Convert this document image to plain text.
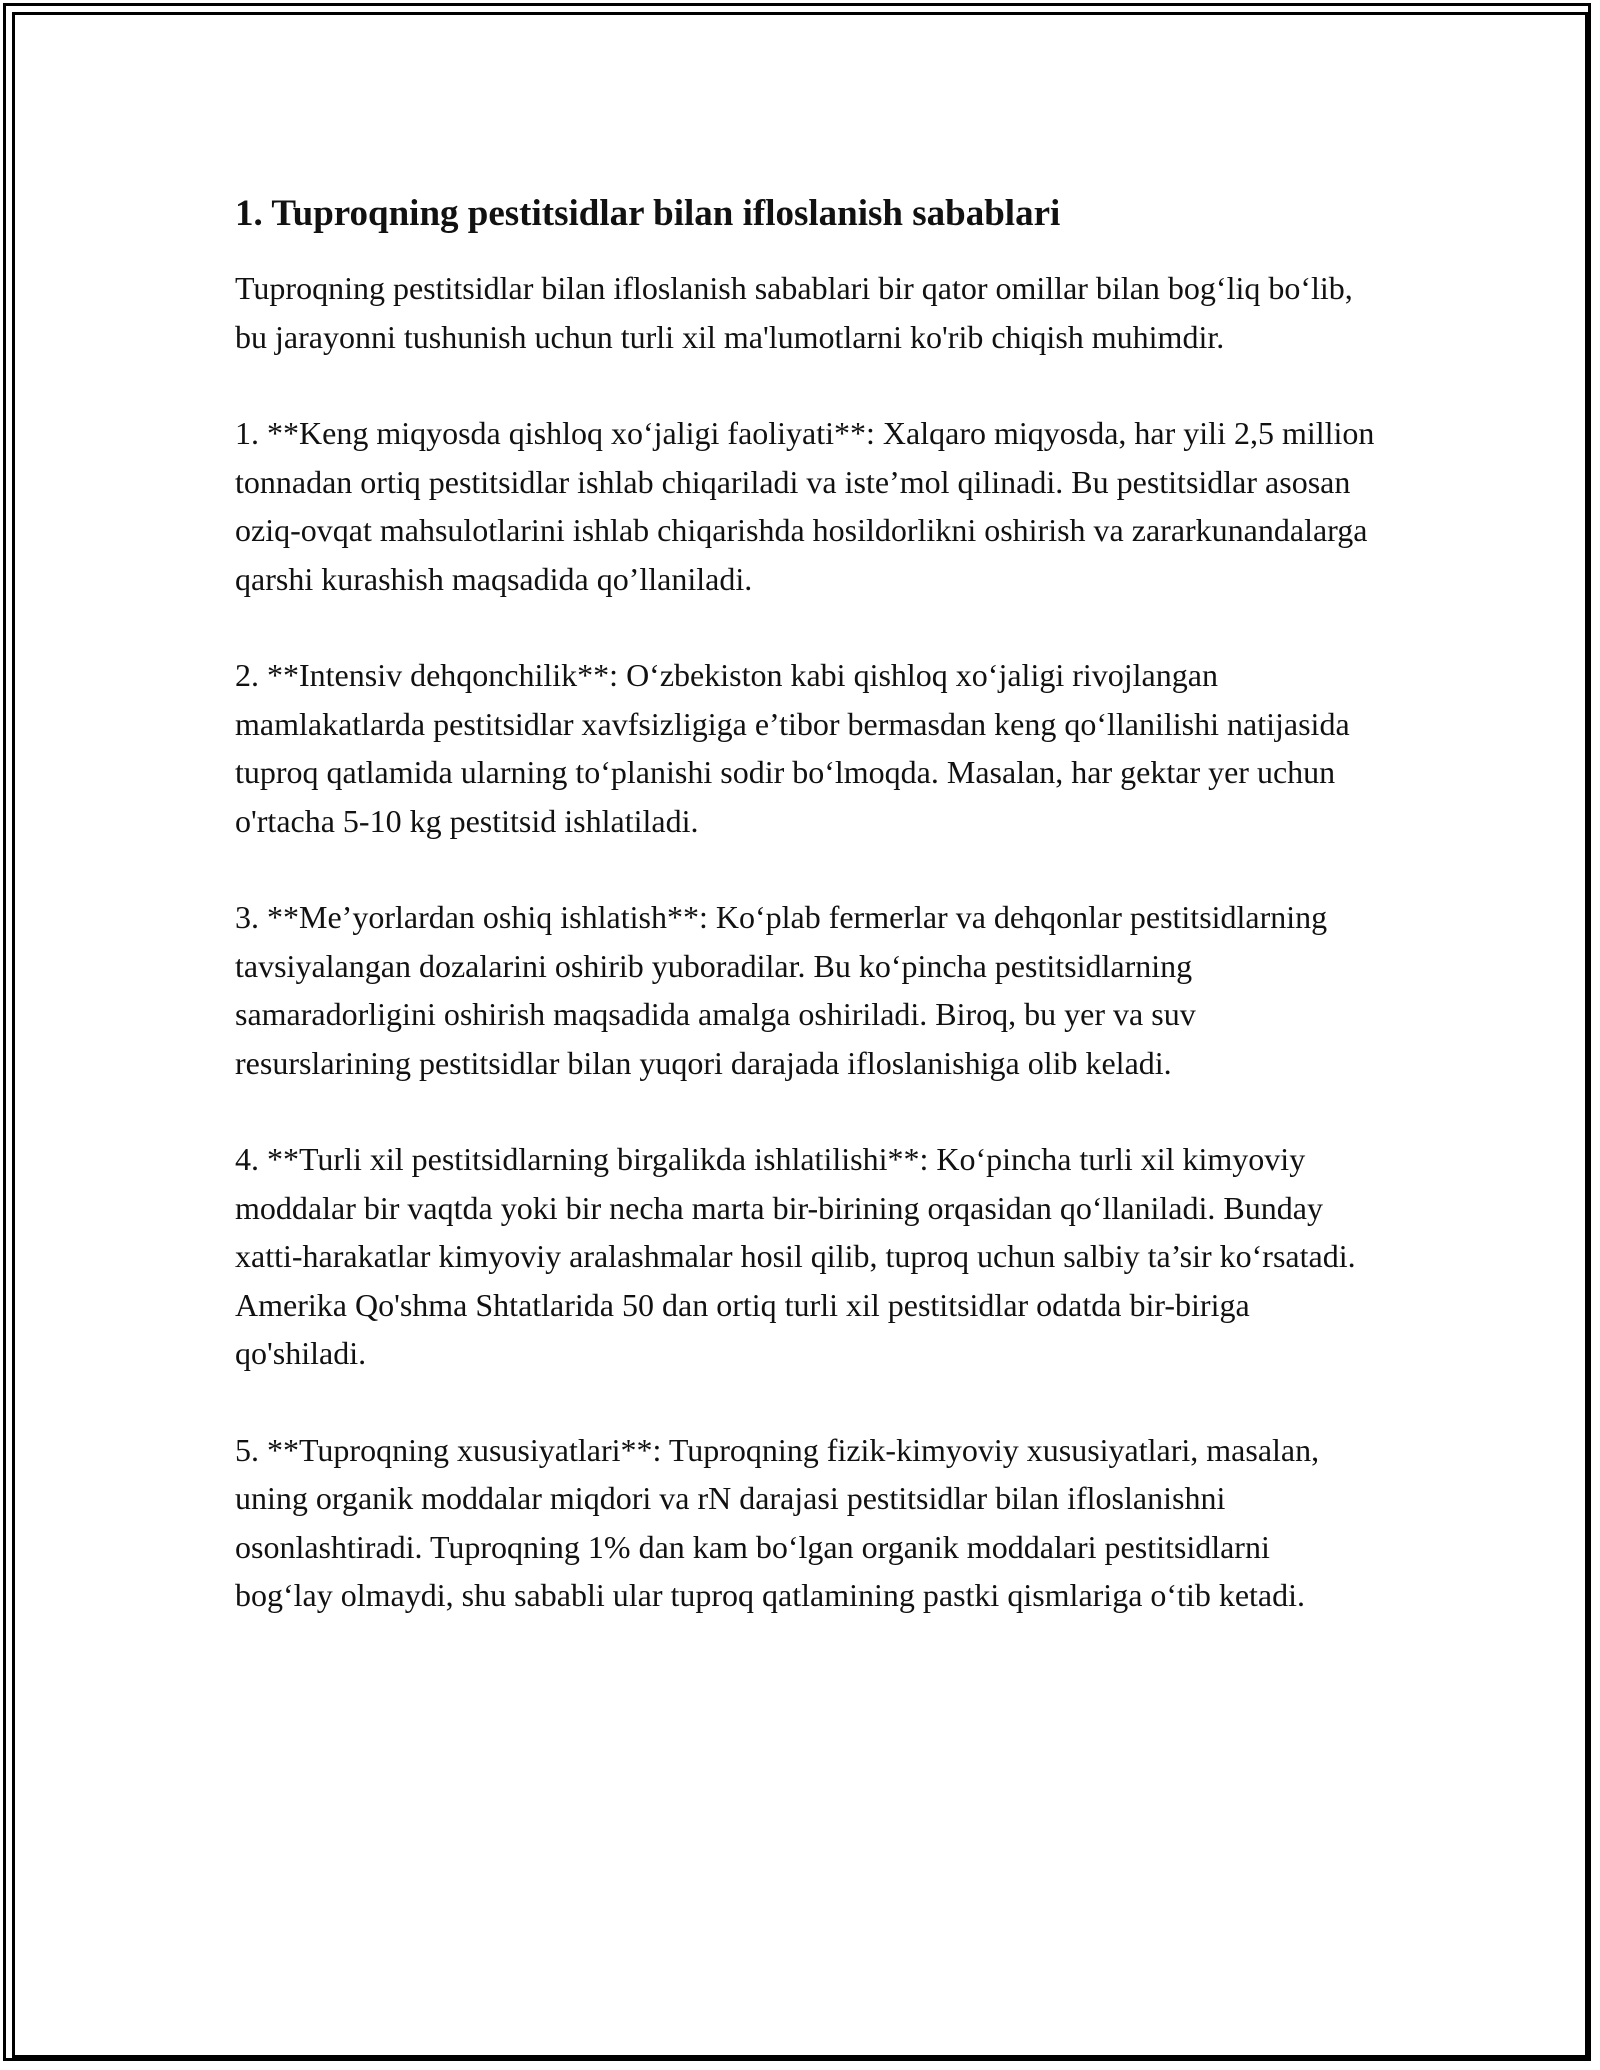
1. Tuproqning pestitsidlar bilan ifloslanish sabablari

Tuproqning pestitsidlar bilan ifloslanish sabablari bir qator omillar bilan bog‘liq bo‘lib, bu jarayonni tushunish uchun turli xil ma'lumotlarni ko'rib chiqish muhimdir.

1. **Keng miqyosda qishloq xo‘jaligi faoliyati**: Xalqaro miqyosda, har yili 2,5 million tonnadan ortiq pestitsidlar ishlab chiqariladi va iste’mol qilinadi. Bu pestitsidlar asosan oziq-ovqat mahsulotlarini ishlab chiqarishda hosildorlikni oshirish va zararkunandalarga qarshi kurashish maqsadida qo’llaniladi.

2. **Intensiv dehqonchilik**: O‘zbekiston kabi qishloq xo‘jaligi rivojlangan mamlakatlarda pestitsidlar xavfsizligiga e’tibor bermasdan keng qo‘llanilishi natijasida tuproq qatlamida ularning to‘planishi sodir bo‘lmoqda. Masalan, har gektar yer uchun o'rtacha 5-10 kg pestitsid ishlatiladi.

3. **Me’yorlardan oshiq ishlatish**: Ko‘plab fermerlar va dehqonlar pestitsidlarning tavsiyalangan dozalarini oshirib yuboradilar. Bu ko‘pincha pestitsidlarning samaradorligini oshirish maqsadida amalga oshiriladi. Biroq, bu yer va suv resurslarining pestitsidlar bilan yuqori darajada ifloslanishiga olib keladi.

4. **Turli xil pestitsidlarning birgalikda ishlatilishi**: Ko‘pincha turli xil kimyoviy moddalar bir vaqtda yoki bir necha marta bir-birining orqasidan qo‘llaniladi. Bunday xatti-harakatlar kimyoviy aralashmalar hosil qilib, tuproq uchun salbiy ta’sir ko‘rsatadi. Amerika Qo'shma Shtatlarida 50 dan ortiq turli xil pestitsidlar odatda bir-biriga qo'shiladi.

5. **Tuproqning xususiyatlari**: Tuproqning fizik-kimyoviy xususiyatlari, masalan, uning organik moddalar miqdori va rN darajasi pestitsidlar bilan ifloslanishni osonlashtiradi. Tuproqning 1% dan kam bo‘lgan organik moddalari pestitsidlarni bog‘lay olmaydi, shu sababli ular tuproq qatlamining pastki qismlariga o‘tib ketadi.
